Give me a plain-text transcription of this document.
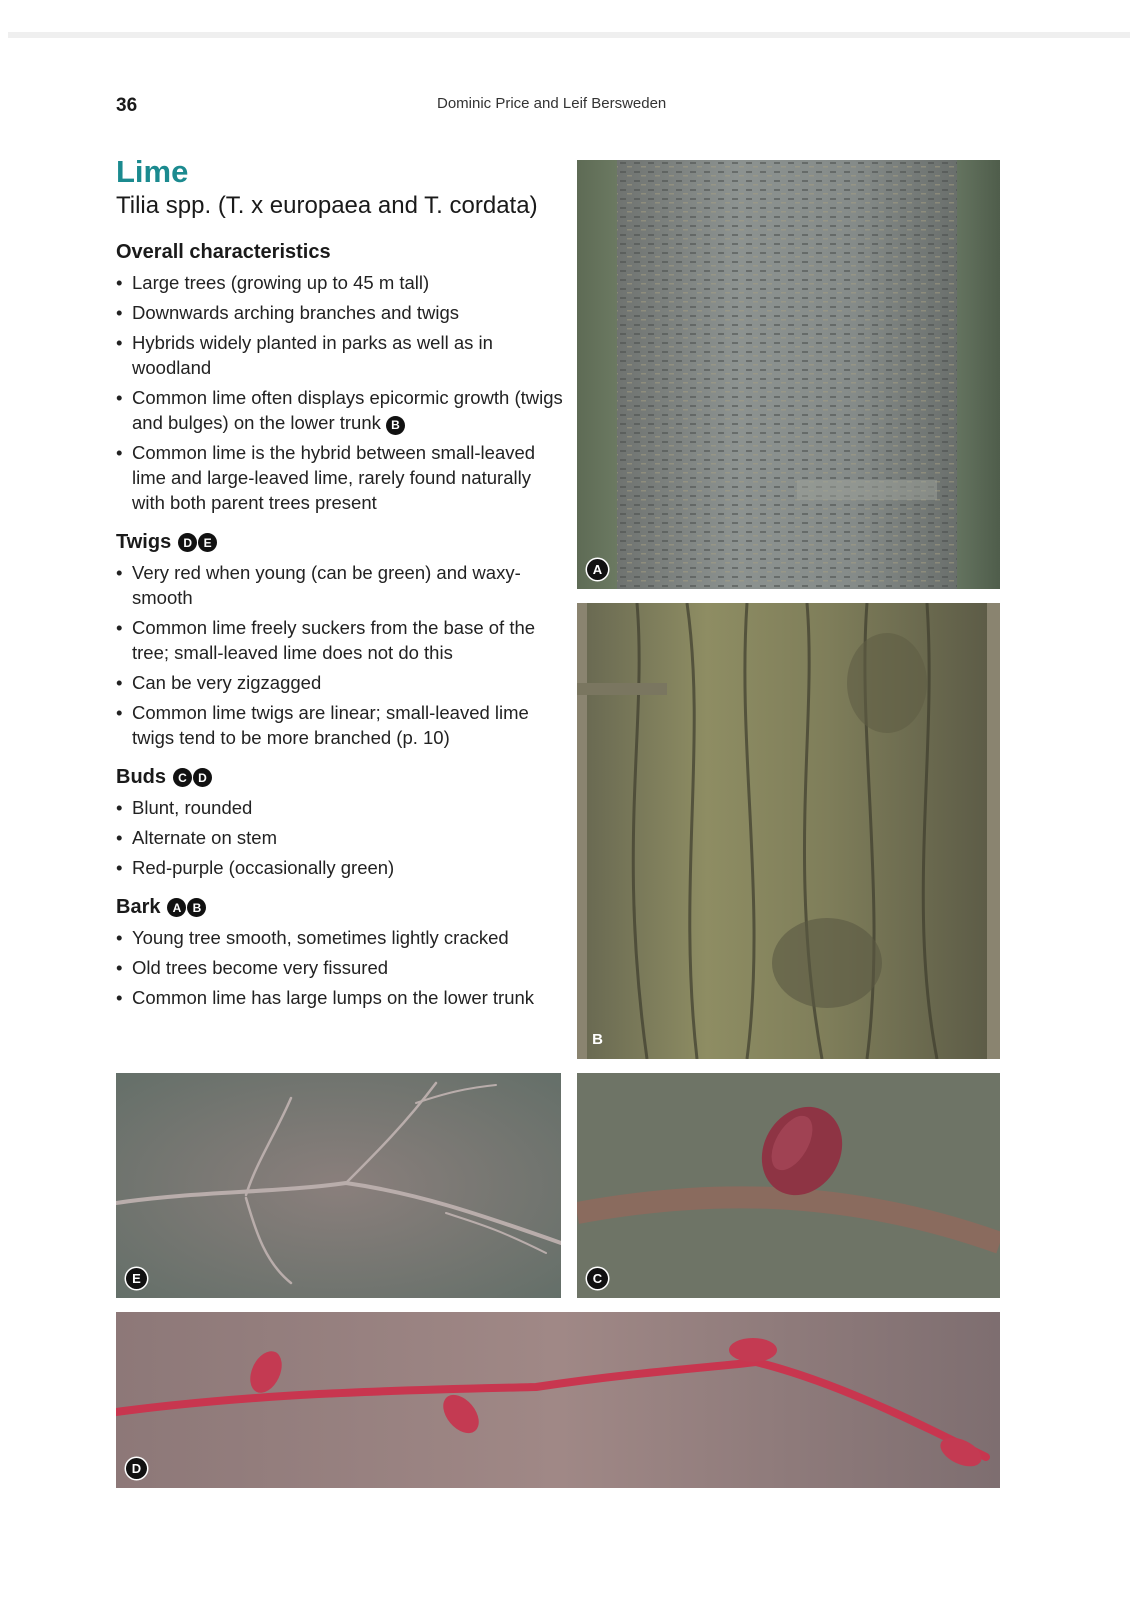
36	Dominic Price and Leif Bersweden
Lime
Tilia spp. (T. x europaea and T. cordata)
Overall characteristics
• Large trees (growing up to 45 m tall)
• Downwards arching branches and twigs
• Hybrids widely planted in parks as well as in woodland
• Common lime often displays epicormic growth (twigs and bulges) on the lower trunk B
• Common lime is the hybrid between small-leaved lime and large-leaved lime, rarely found naturally with both parent trees present
Twigs	D E
• Very red when young (can be green) and waxy-smooth
• Common lime freely suckers from the base of the tree; small-leaved lime does not do this
• Can be very zigzagged
• Common lime twigs are linear; small-leaved lime twigs tend to be more branched (p. 10)
Buds	C D
• Blunt, rounded
• Alternate on stem
• Red-purple (occasionally green)
Bark	A B
• Young tree smooth, sometimes lightly cracked
• Old trees become very fissured
• Common lime has large lumps on the lower trunk
A
B
E	C
D
